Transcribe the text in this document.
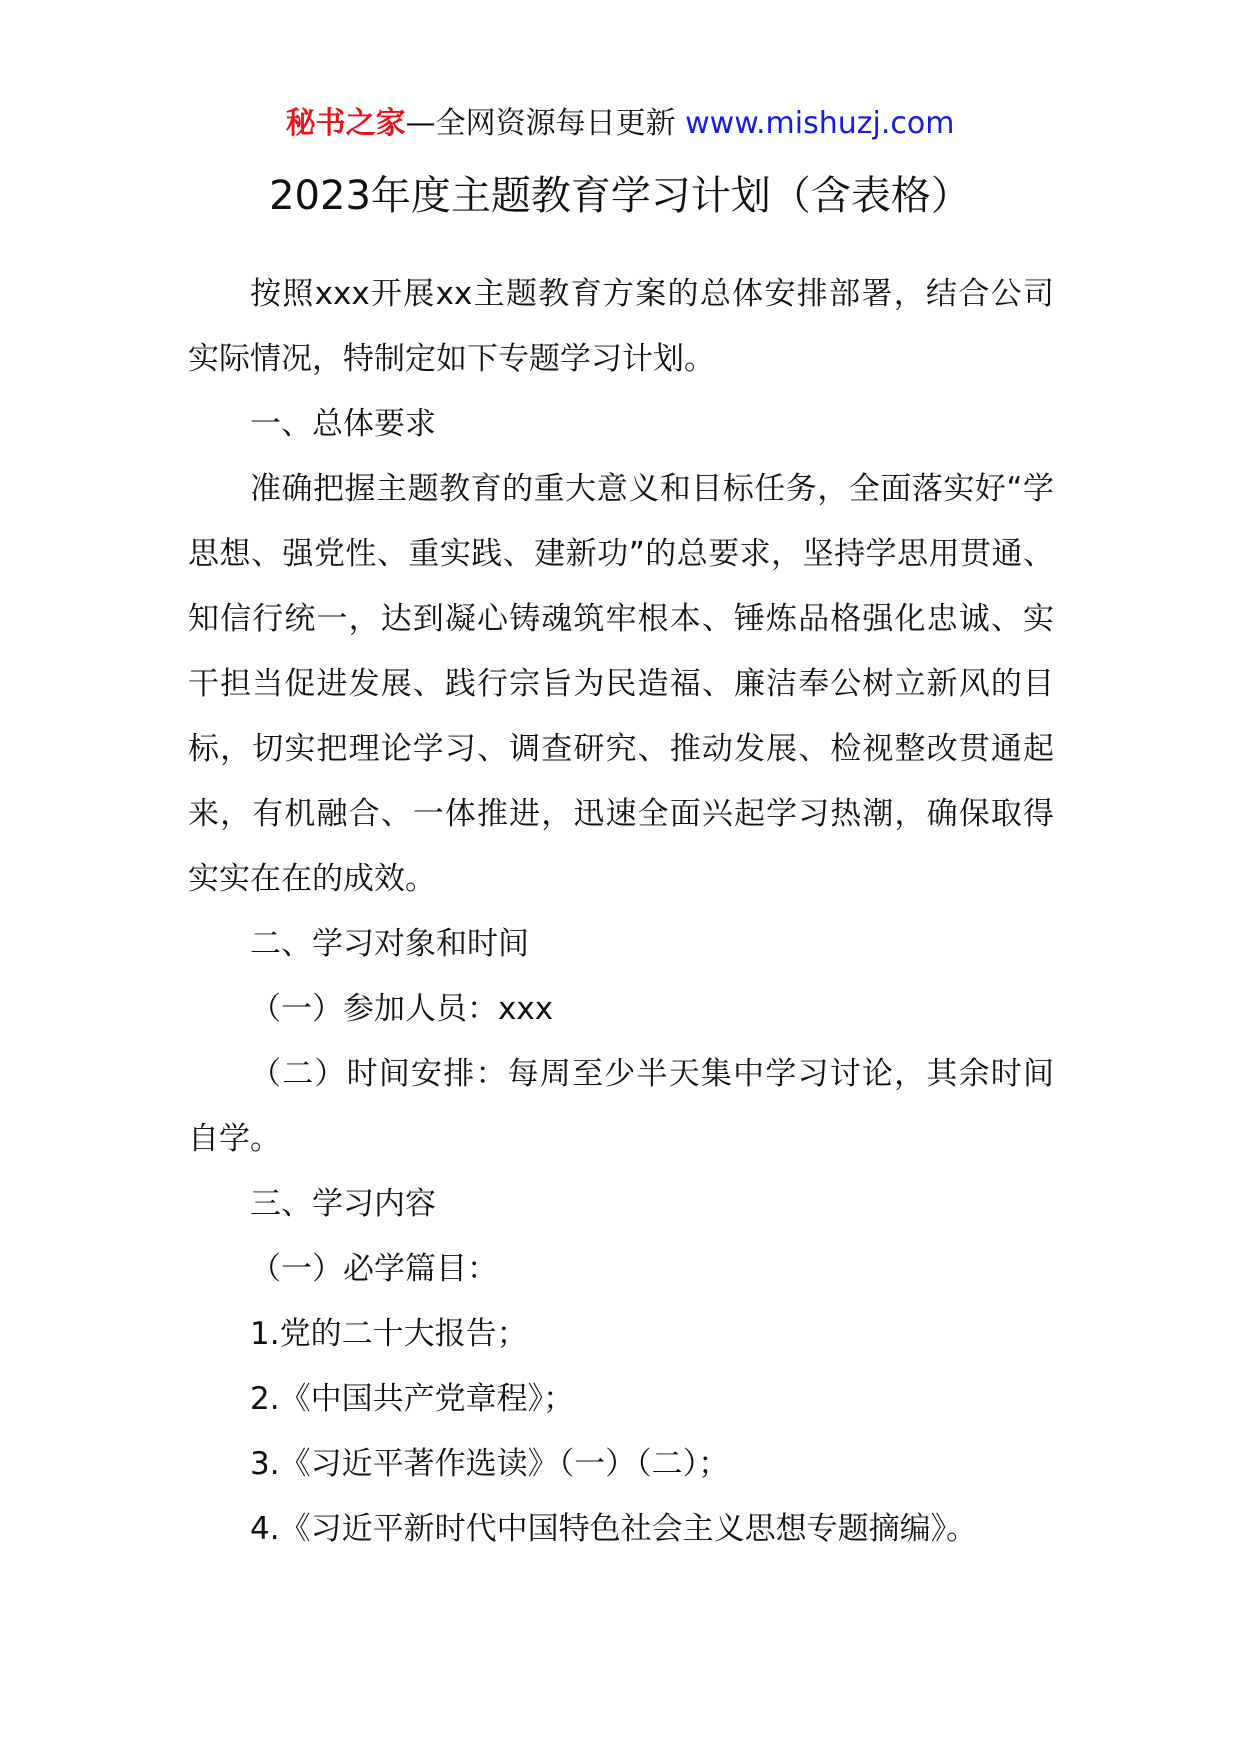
秘书之家—全网资源每日更新 www.mishuzj.com
2023年度主题教育学习计划（含表格）

按照xxx开展xx主题教育方案的总体安排部署，结合公司实际情况，特制定如下专题学习计划。

一、总体要求

准确把握主题教育的重大意义和目标任务，全面落实好“学思想、强党性、重实践、建新功”的总要求，坚持学思用贯通、知信行统一，达到凝心铸魂筑牢根本、锤炼品格强化忠诚、实干担当促进发展、践行宗旨为民造福、廉洁奉公树立新风的目标，切实把理论学习、调查研究、推动发展、检视整改贯通起来，有机融合、一体推进，迅速全面兴起学习热潮，确保取得实实在在的成效。

二、学习对象和时间

（一）参加人员：xxx

（二）时间安排：每周至少半天集中学习讨论，其余时间自学。

三、学习内容

（一）必学篇目：

1.党的二十大报告；

2.《中国共产党章程》；

3.《习近平著作选读》（一）（二）；

4.《习近平新时代中国特色社会主义思想专题摘编》。
